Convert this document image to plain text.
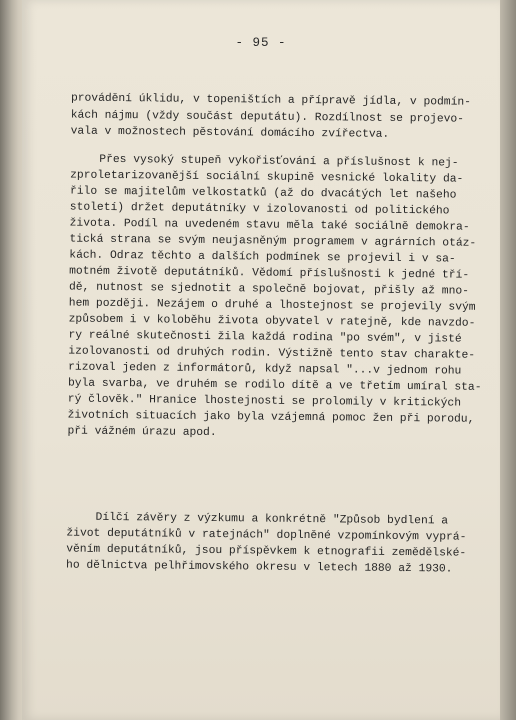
- 95 -
provádění úklidu, v topeništích a přípravě jídla, v podmín-
kách nájmu (vždy součást deputátu). Rozdílnost se projevo-
vala v možnostech pěstování domácího zvířectva.
Přes vysoký stupeň vykořisťování a příslušnost k nej-
zproletarizovanější sociální skupině vesnické lokality da-
řilo se majitelům velkostatků (až do dvacátých let našeho
století) držet deputátníky v izolovanosti od politického
života. Podíl na uvedeném stavu měla také sociálně demokra-
tická strana se svým neujasněným programem v agrárních otáz-
kách. Odraz těchto a dalších podmínek se projevil i v sa-
motném životě deputátníků. Vědomí příslušnosti k jedné tří-
dě, nutnost se sjednotit a společně bojovat, přišly až mno-
hem později. Nezájem o druhé a lhostejnost se projevily svým
způsobem i v koloběhu života obyvatel v ratejně, kde navzdo-
ry reálné skutečnosti žila každá rodina "po svém", v jisté
izolovanosti od druhých rodin. Výstižně tento stav charakte-
rizoval jeden z informátorů, když napsal "...v jednom rohu
byla svarba, ve druhém se rodilo dítě a ve třetím umíral sta-
rý člověk." Hranice lhostejnosti se prolomily v kritických
životních situacích jako byla vzájemná pomoc žen při porodu,
při vážném úrazu apod.
Dílčí závěry z výzkumu a konkrétně "Způsob bydlení a
život deputátníků v ratejnách" doplněné vzpomínkovým vyprá-
věním deputátníků, jsou příspěvkem k etnografii zemědělské-
ho dělnictva pelhřimovského okresu v letech 1880 až 1930.
